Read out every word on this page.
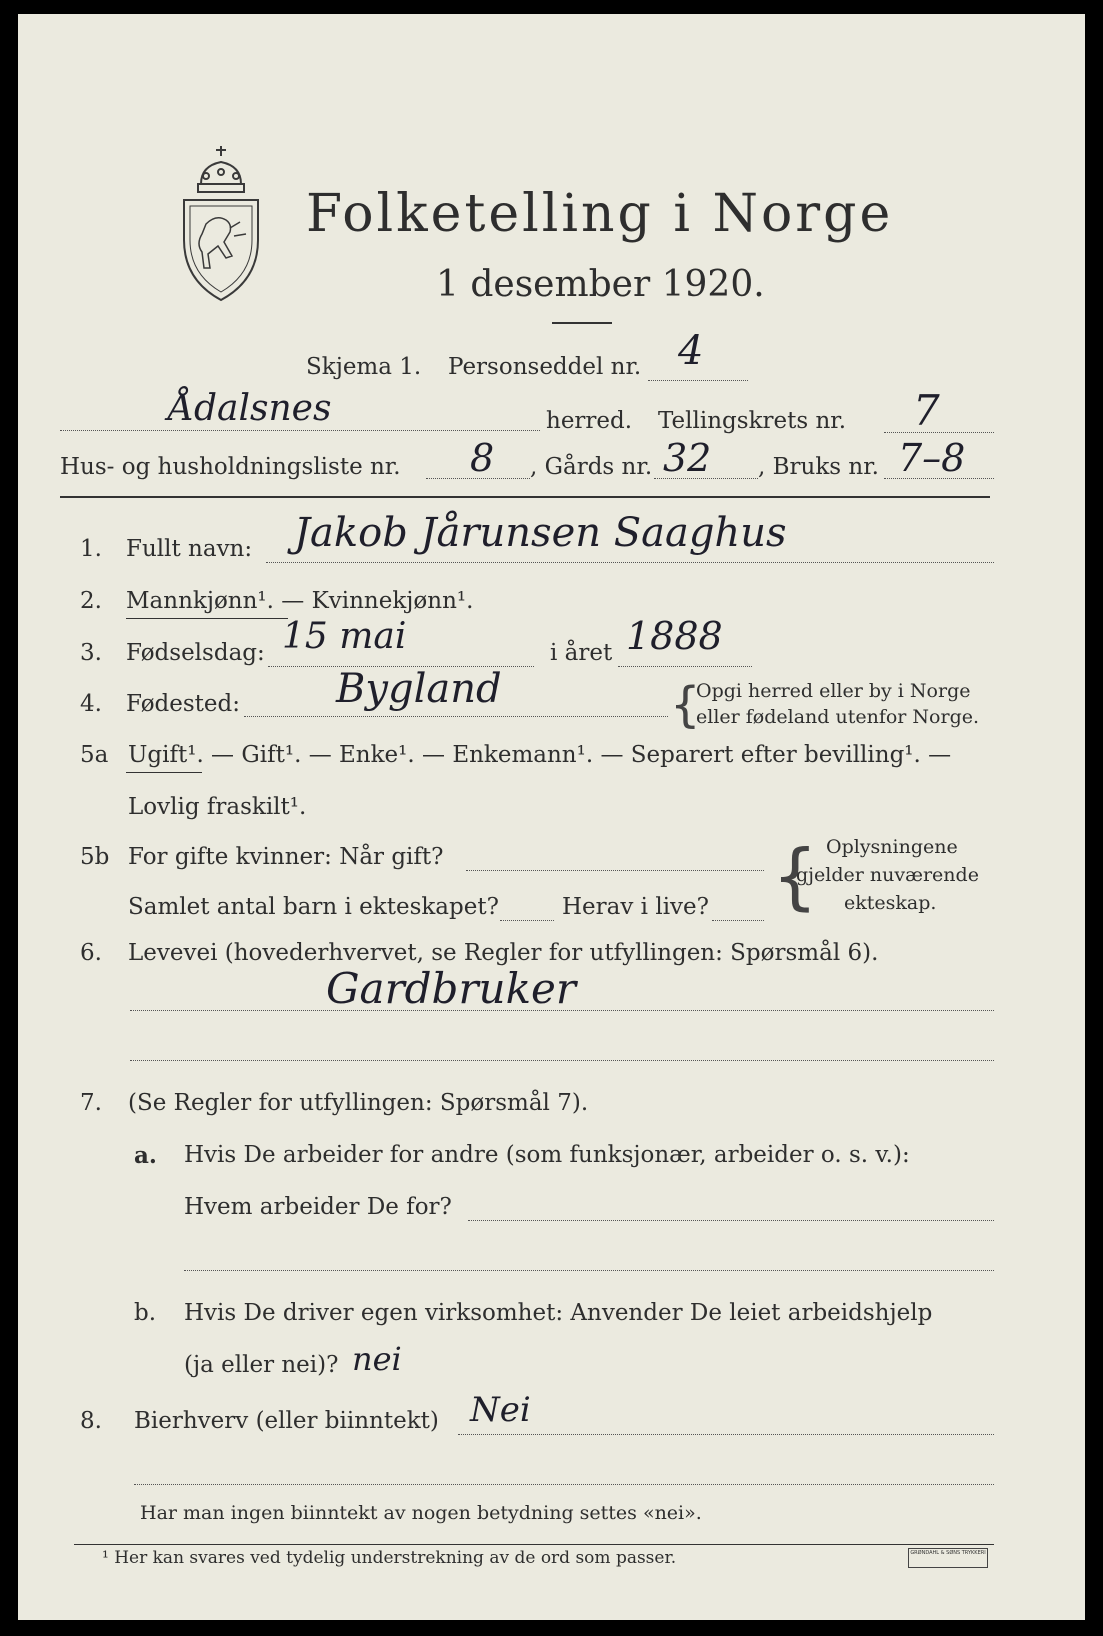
Folketelling i Norge
1 desember 1920.
Skjema 1. Personseddel nr. 4
Ådalsnes	herred. Tellingskrets nr. 7
Hus- og husholdningsliste nr. 8 , Gårds nr. 32 , Bruks nr. 7–8
1. Fullt navn: Jakob Jårunsen Saaghus
2. Mannkjønn¹. — Kvinnekjønn¹.
3. Fødselsdag: 15 mai	i året 1888
4. Fødested: Bygland	{
Opgi herred eller by i Norge
eller fødeland utenfor Norge.
5a Ugift¹. — Gift¹. — Enke¹. — Enkemann¹. — Separert efter bevilling¹. —
Lovlig fraskilt¹.
5b For gifte kvinner: Når gift?
Samlet antal barn i ekteskapet?	Herav i live? { Oplysningene
gjelder nuværende
ekteskap.
6. Levevei (hovederhvervet, se Regler for utfyllingen: Spørsmål 6).
Gardbruker
7. (Se Regler for utfyllingen: Spørsmål 7).
a. Hvis De arbeider for andre (som funksjonær, arbeider o. s. v.):
Hvem arbeider De for?
b. Hvis De driver egen virksomhet: Anvender De leiet arbeidshjelp
(ja eller nei)? nei
8. Bierhverv (eller biinntekt) Nei
Har man ingen biinntekt av nogen betydning settes «nei».
¹ Her kan svares ved tydelig understrekning av de ord som passer.	GRØNDAHL & SØNS TRYKKERI
